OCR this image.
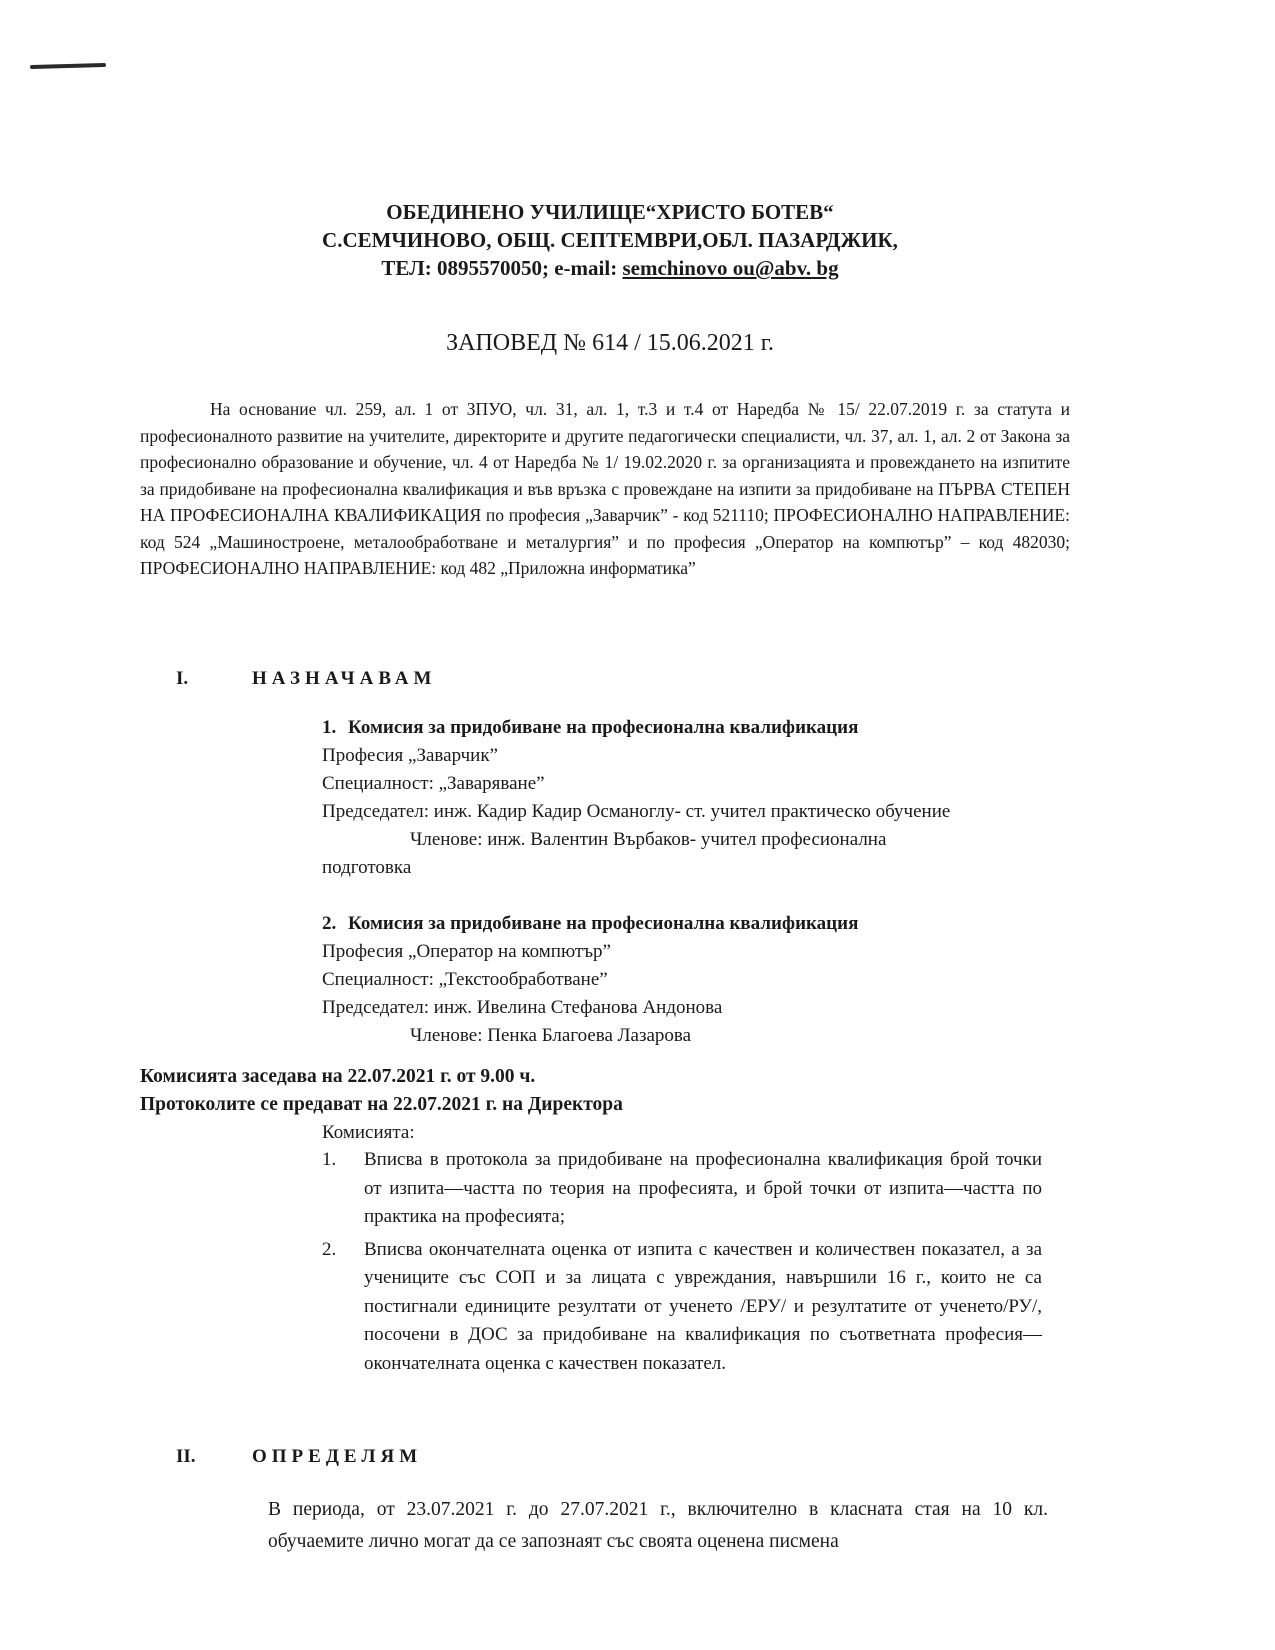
ОБЕДИНЕНО УЧИЛИЩЕ“ХРИСТО БОТЕВ“
С.СЕМЧИНОВО, ОБЩ. СЕПТЕМВРИ,ОБЛ. ПАЗАРДЖИК,
ТЕЛ: 0895570050; e-mail: semchinovo ou@abv. bg
ЗАПОВЕД № 614 / 15.06.2021 г.
На основание чл. 259, ал. 1 от ЗПУО, чл. 31, ал. 1, т.3 и т.4 от Наредба № 15/ 22.07.2019 г. за статута и професионалното развитие на учителите, директорите и другите педагогически специалисти, чл. 37, ал. 1, ал. 2 от Закона за професионално образование и обучение, чл. 4 от Наредба № 1/ 19.02.2020 г. за организацията и провеждането на изпитите за придобиване на професионална квалификация и във връзка с провеждане на изпити за придобиване на ПЪРВА СТЕПЕН НА ПРОФЕСИОНАЛНА КВАЛИФИКАЦИЯ по професия „Заварчик” - код 521110; ПРОФЕСИОНАЛНО НАПРАВЛЕНИЕ: код 524 „Машиностроене, металообработване и металургия” и по професия „Оператор на компютър” – код 482030; ПРОФЕСИОНАЛНО НАПРАВЛЕНИЕ: код 482 „Приложна информатика”
I.	НАЗНАЧАВАМ
1. Комисия за придобиване на професионална квалификация
Професия „Заварчик”
Специалност: „Заваряване”
Председател: инж. Кадир Кадир Османоглу- ст. учител практическо обучение
Членове: инж. Валентин Върбаков- учител професионална
подготовка
2. Комисия за придобиване на професионална квалификация
Професия „Оператор на компютър”
Специалност: „Текстообработване”
Председател: инж. Ивелина Стефанова Андонова
Членове: Пенка Благоева Лазарова
Комисията заседава на 22.07.2021 г. от 9.00 ч.
Протоколите се предават на 22.07.2021 г. на Директора
Комисията:
1. Вписва в протокола за придобиване на професионална квалификация брой точки от изпита—частта по теория на професията, и брой точки от изпита—частта по практика на професията;
2. Вписва окончателната оценка от изпита с качествен и количествен показател, а за учениците със СОП и за лицата с увреждания, навършили 16 г., които не са постигнали единиците резултати от ученето /ЕРУ/ и резултатите от ученето/РУ/, посочени в ДОС за придобиване на квалификация по съответната професия—окончателната оценка с качествен показател.
II.	ОПРЕДЕЛЯМ
В периода, от 23.07.2021 г. до 27.07.2021 г., включително в класната стая на 10 кл. обучаемите лично могат да се запознаят със своята оценена писмена
